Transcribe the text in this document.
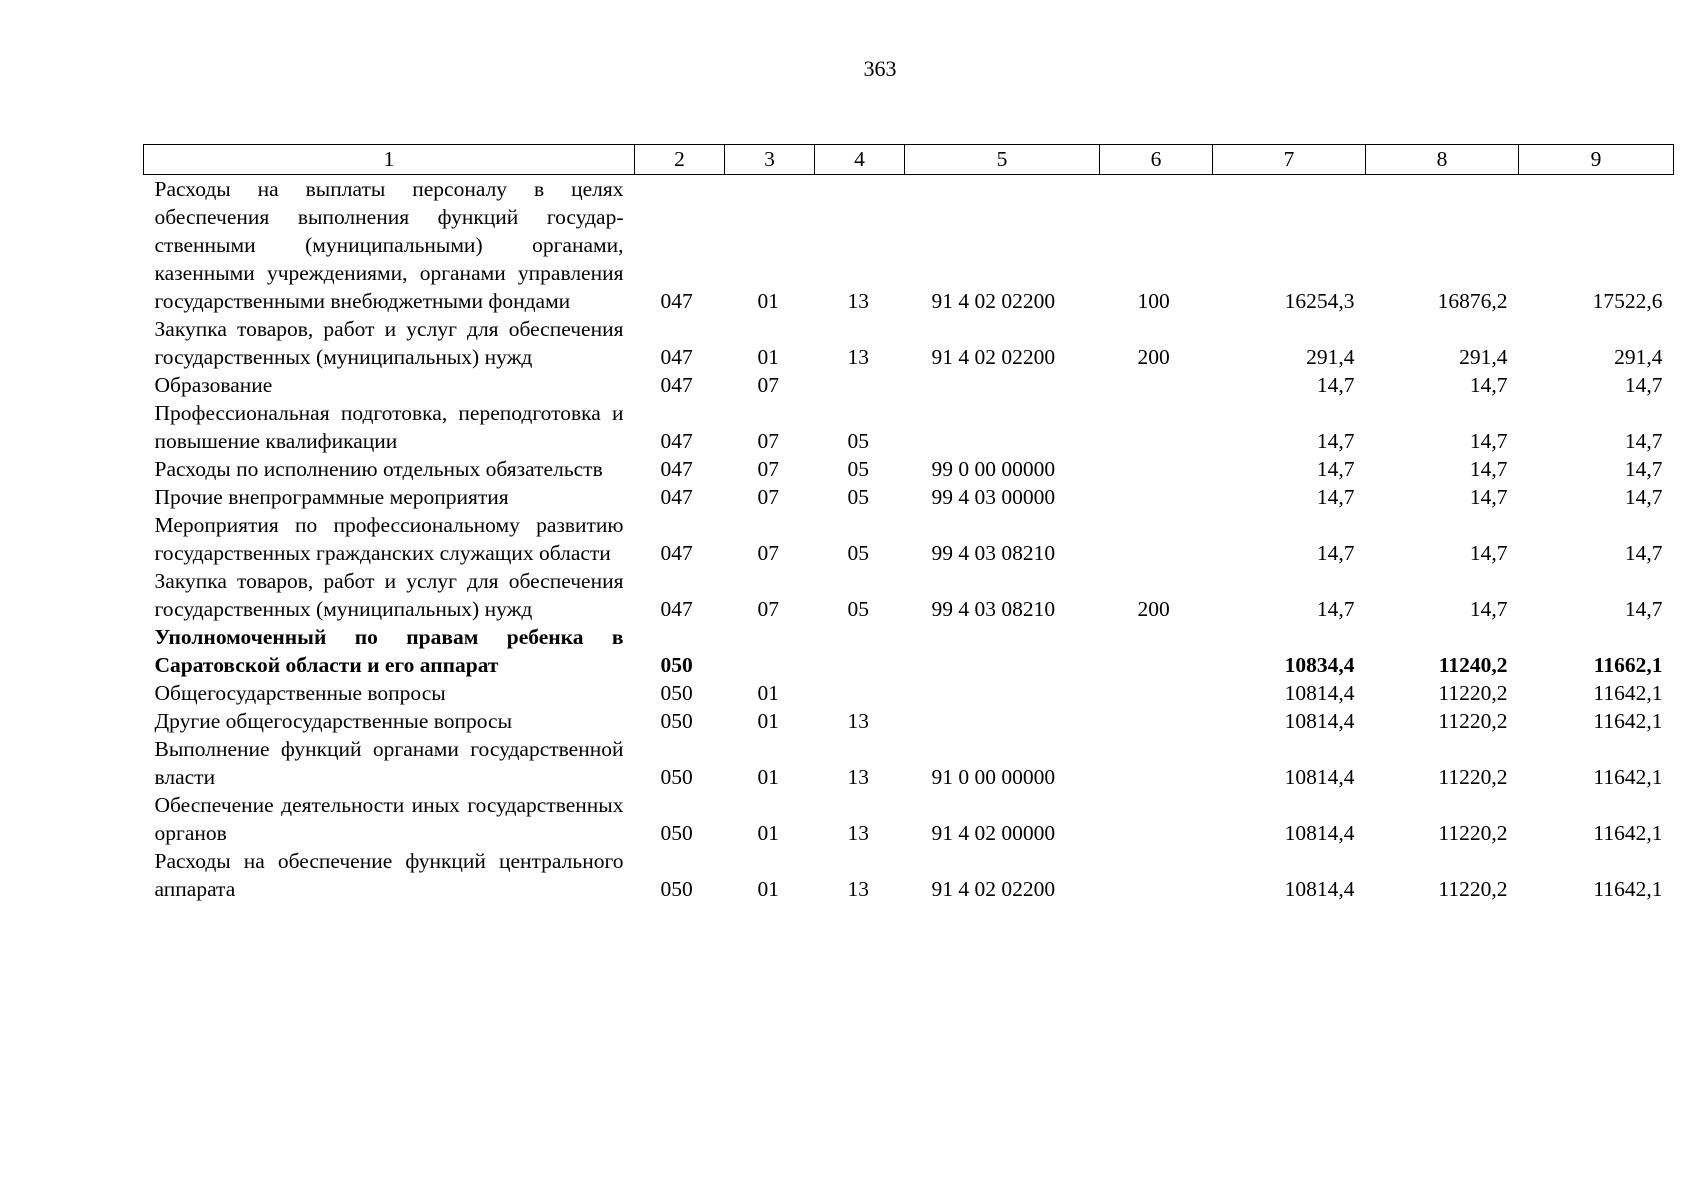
363
1	2	3	4	5	6	7	8	9
Расходы на выплаты персоналу в целях обеспечения выполнения функций государственными (муниципальными) органами, казенными учреждениями, органами управления государственными внебюджетными фондами	047	01	13	91 4 02 02200	100	16254,3	16876,2	17522,6
Закупка товаров, работ и услуг для обеспечения государственных (муниципальных) нужд	047	01	13	91 4 02 02200	200	291,4	291,4	291,4
Образование	047	07				14,7	14,7	14,7
Профессиональная подготовка, переподготовка и повышение квалификации	047	07	05			14,7	14,7	14,7
Расходы по исполнению отдельных обязательств	047	07	05	99 0 00 00000		14,7	14,7	14,7
Прочие внепрограммные мероприятия	047	07	05	99 4 03 00000		14,7	14,7	14,7
Мероприятия по профессиональному развитию государственных гражданских служащих области	047	07	05	99 4 03 08210		14,7	14,7	14,7
Закупка товаров, работ и услуг для обеспечения государственных (муниципальных) нужд	047	07	05	99 4 03 08210	200	14,7	14,7	14,7
Уполномоченный по правам ребенка в Саратовской области и его аппарат	050					10834,4	11240,2	11662,1
Общегосударственные вопросы	050	01				10814,4	11220,2	11642,1
Другие общегосударственные вопросы	050	01	13			10814,4	11220,2	11642,1
Выполнение функций органами государственной власти	050	01	13	91 0 00 00000		10814,4	11220,2	11642,1
Обеспечение деятельности иных государственных органов	050	01	13	91 4 02 00000		10814,4	11220,2	11642,1
Расходы на обеспечение функций центрального аппарата	050	01	13	91 4 02 02200		10814,4	11220,2	11642,1
